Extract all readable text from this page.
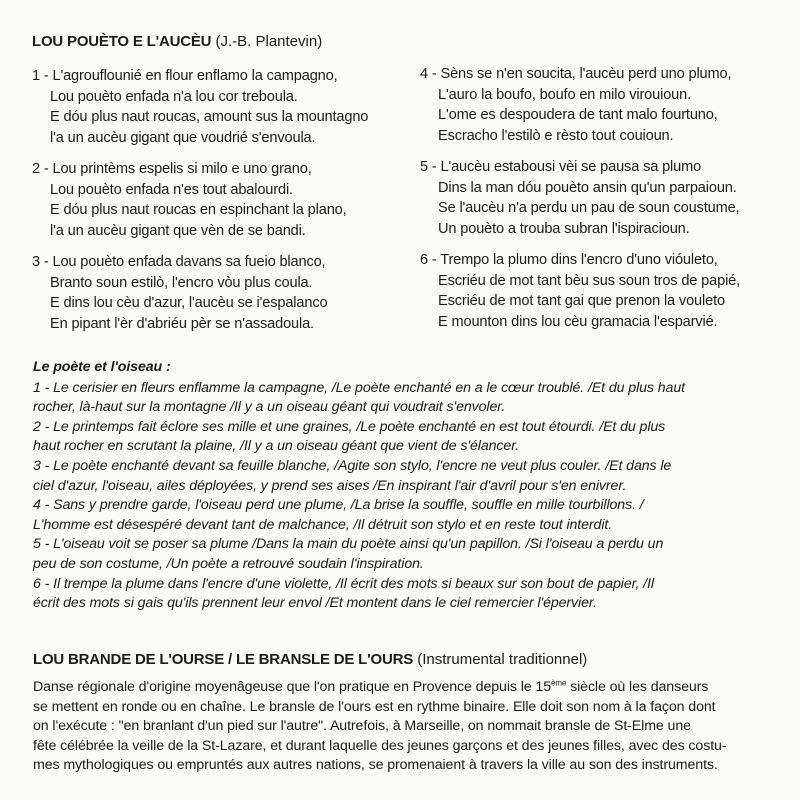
LOU POUÈTO E L'AUCÈU (J.-B. Plantevin)
1 - L'agrouflounié en flour enflamo la campagno,
Lou pouèto enfada n'a lou cor treboula.
E dóu plus naut roucas, amount sus la mountagno
l'a un aucèu gigant que voudrié s'envoula.
2 - Lou printèms espelis si milo e uno grano,
Lou pouèto enfada n'es tout abalourdi.
E dóu plus naut roucas en espinchant la plano,
l'a un aucèu gigant que vèn de se bandi.
3 - Lou pouèto enfada davans sa fueio blanco,
Branto soun estilò, l'encro vòu plus coula.
E dins lou cèu d'azur, l'aucèu se i'espalanco
En pipant l'èr d'abriéu pèr se n'assadoula.
4 - Sèns se n'en soucita, l'aucèu perd uno plumo,
L'auro la boufo, boufo en milo virouioun.
L'ome es despoudera de tant malo fourtuno,
Escracho l'estilò e rèsto tout couioun.
5 - L'aucèu estabousi vèi se pausa sa plumo
Dins la man dóu pouèto ansin qu'un parpaioun.
Se l'aucèu n'a perdu un pau de soun coustume,
Un pouèto a trouba subran l'ispiracioun.
6 - Trempo la plumo dins l'encro d'uno vióuleto,
Escriéu de mot tant bèu sus soun tros de papié,
Escriéu de mot tant gai que prenon la vouleto
E mounton dins lou cèu gramacia l'esparvié.
Le poète et l'oiseau :
1 - Le cerisier en fleurs enflamme la campagne, /Le poète enchanté en a le cœur troublé. /Et du plus haut
rocher, là-haut sur la montagne /Il y a un oiseau géant qui voudrait s'envoler.
2 - Le printemps fait éclore ses mille et une graines, /Le poète enchanté en est tout étourdi. /Et du plus
haut rocher en scrutant la plaine, /Il y a un oiseau géant que vient de s'élancer.
3 - Le poète enchanté devant sa feuille blanche, /Agite son stylo, l'encre ne veut plus couler. /Et dans le
ciel d'azur, l'oiseau, ailes déployées, y prend ses aises /En inspirant l'air d'avril pour s'en enivrer.
4 - Sans y prendre garde, l'oiseau perd une plume, /La brise la souffle, souffle en mille tourbillons. /
L'homme est désespéré devant tant de malchance, /Il détruit son stylo et en reste tout interdit.
5 - L'oiseau voit se poser sa plume /Dans la main du poète ainsi qu'un papillon. /Si l'oiseau a perdu un
peu de son costume, /Un poète a retrouvé soudain l'inspiration.
6 - Il trempe la plume dans l'encre d'une violette, /Il écrit des mots si beaux sur son bout de papier, /Il
écrit des mots si gais qu'ils prennent leur envol /Et montent dans le ciel remercier l'épervier.
LOU BRANDE DE L'OURSE / LE BRANSLE DE L'OURS (Instrumental traditionnel)
Danse régionale d'origine moyenâgeuse que l'on pratique en Provence depuis le 15ème siècle où les danseurs
se mettent en ronde ou en chaîne. Le bransle de l'ours est en rythme binaire. Elle doit son nom à la façon dont
on l'exécute : "en branlant d'un pied sur l'autre". Autrefois, à Marseille, on nommait bransle de St-Elme une
fête célébrée la veille de la St-Lazare, et durant laquelle des jeunes garçons et des jeunes filles, avec des costu-
mes mythologiques ou empruntés aux autres nations, se promenaient à travers la ville au son des instruments.
